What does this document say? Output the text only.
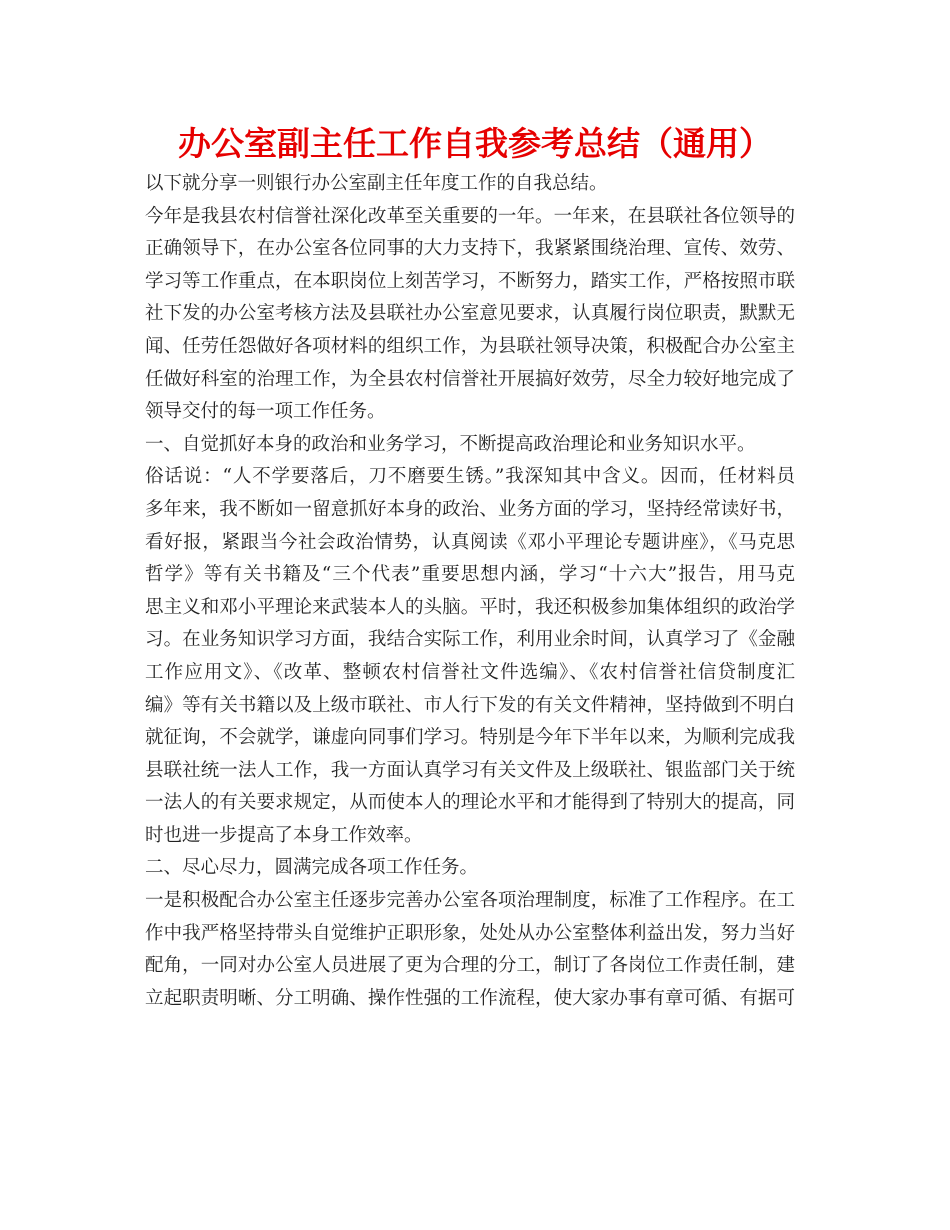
办公室副主任工作自我参考总结（通用）
以下就分享一则银行办公室副主任年度工作的自我总结。
今年是我县农村信誉社深化改革至关重要的一年。一年来，在县联社各位领导的
正确领导下，在办公室各位同事的大力支持下，我紧紧围绕治理、宣传、效劳、
学习等工作重点，在本职岗位上刻苦学习，不断努力，踏实工作，严格按照市联
社下发的办公室考核方法及县联社办公室意见要求，认真履行岗位职责，默默无
闻、任劳任怨做好各项材料的组织工作，为县联社领导决策，积极配合办公室主
任做好科室的治理工作，为全县农村信誉社开展搞好效劳，尽全力较好地完成了
领导交付的每一项工作任务。
一、自觉抓好本身的政治和业务学习，不断提高政治理论和业务知识水平。
俗话说：“人不学要落后，刀不磨要生锈。”我深知其中含义。因而，任材料员
多年来，我不断如一留意抓好本身的政治、业务方面的学习，坚持经常读好书，
看好报，紧跟当今社会政治情势，认真阅读《邓小平理论专题讲座》，《马克思
哲学》等有关书籍及“三个代表”重要思想内涵，学习“十六大”报告，用马克
思主义和邓小平理论来武装本人的头脑。平时，我还积极参加集体组织的政治学
习。在业务知识学习方面，我结合实际工作，利用业余时间，认真学习了《金融
工作应用文》、《改革、整顿农村信誉社文件选编》、《农村信誉社信贷制度汇
编》等有关书籍以及上级市联社、市人行下发的有关文件精神，坚持做到不明白
就征询，不会就学，谦虚向同事们学习。特别是今年下半年以来，为顺利完成我
县联社统一法人工作，我一方面认真学习有关文件及上级联社、银监部门关于统
一法人的有关要求规定，从而使本人的理论水平和才能得到了特别大的提高，同
时也进一步提高了本身工作效率。
二、尽心尽力，圆满完成各项工作任务。
一是积极配合办公室主任逐步完善办公室各项治理制度，标准了工作程序。在工
作中我严格坚持带头自觉维护正职形象，处处从办公室整体利益出发，努力当好
配角，一同对办公室人员进展了更为合理的分工，制订了各岗位工作责任制，建
立起职责明晰、分工明确、操作性强的工作流程，使大家办事有章可循、有据可
